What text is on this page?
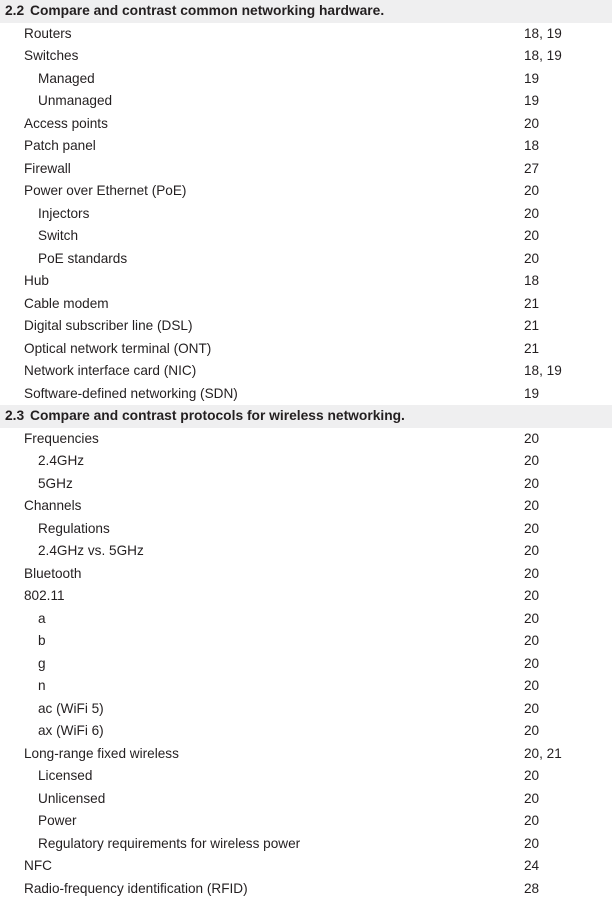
2.2 Compare and contrast common networking hardware.
Routers	18, 19
Switches	18, 19
Managed	19
Unmanaged	19
Access points	20
Patch panel	18
Firewall	27
Power over Ethernet (PoE)	20
Injectors	20
Switch	20
PoE standards	20
Hub	18
Cable modem	21
Digital subscriber line (DSL)	21
Optical network terminal (ONT)	21
Network interface card (NIC)	18, 19
Software-defined networking (SDN)	19
2.3 Compare and contrast protocols for wireless networking.
Frequencies	20
2.4GHz	20
5GHz	20
Channels	20
Regulations	20
2.4GHz vs. 5GHz	20
Bluetooth	20
802.11	20
a	20
b	20
g	20
n	20
ac (WiFi 5)	20
ax (WiFi 6)	20
Long-range fixed wireless	20, 21
Licensed	20
Unlicensed	20
Power	20
Regulatory requirements for wireless power	20
NFC	24
Radio-frequency identification (RFID)	28
